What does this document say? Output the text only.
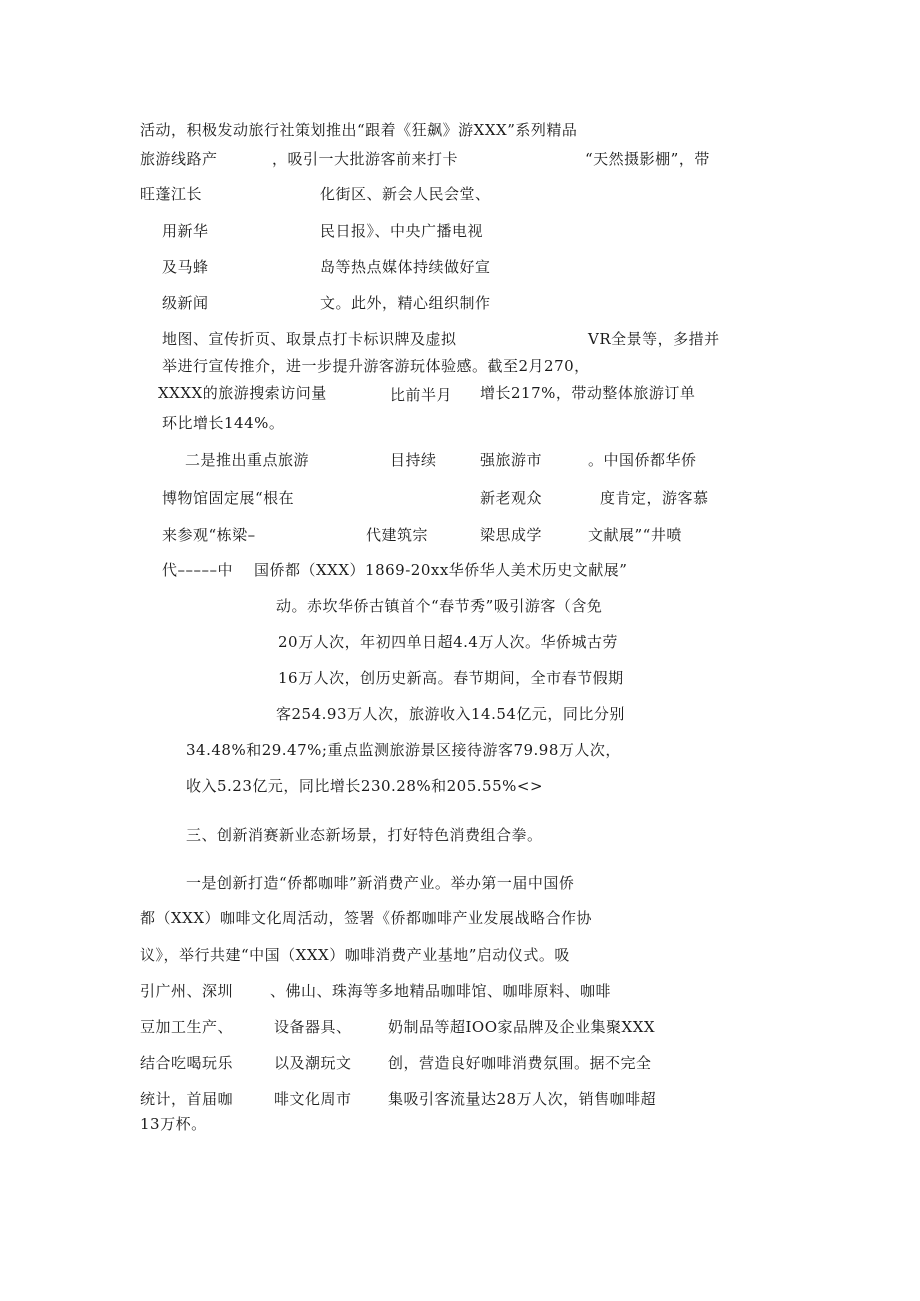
活动，积极发动旅行社策划推出“跟着《狂飙》游XXX”系列精品
旅游线路产	，吸引一大批游客前来打卡	“天然摄影棚”，带
旺蓬江长	化街区、新会人民会堂、
用新华	民日报》、中央广播电视
及马蜂	岛等热点媒体持续做好宣
级新闻	文。此外，精心组织制作
地图、宣传折页、取景点打卡标识牌及虚拟	VR全景等，多措并
举进行宣传推介，进一步提升游客游玩体验感。截至2月270，
XXXX的旅游搜索访问量	比前半月 增长217%，带动整体旅游订单
环比增长144%。
二是推出重点旅游	目持续	强旅游市	。中国侨都华侨
博物馆固定展“根在	新老观众	度肯定，游客慕
来参观“栋梁–	代建筑宗	梁思成学	文献展”“井喷
代–––––中 国侨都（XXX）1869-20xx华侨华人美术历史文献展”
动。赤坎华侨古镇首个“春节秀”吸引游客（含免
20万人次，年初四单日超4.4万人次。华侨城古劳
16万人次，创历史新高。春节期间，全市春节假期
客254.93万人次，旅游收入14.54亿元，同比分别
34.48%和29.47%;重点监测旅游景区接待游客79.98万人次，
收入5.23亿元，同比增长230.28%和205.55%<>
三、创新消赛新业态新场景，打好特色消费组合拳。
一是创新打造“侨都咖啡”新消费产业。举办第一届中国侨
都（XXX）咖啡文化周活动，签署《侨都咖啡产业发展战略合作协
议》，举行共建“中国（XXX）咖啡消费产业基地”启动仪式。吸
引广州、深圳 、佛山、珠海等多地精品咖啡馆、咖啡原料、咖啡
豆加工生产、	设备器具、 奶制品等超IOO家品牌及企业集聚XXX
结合吃喝玩乐	以及潮玩文 创，营造良好咖啡消费氛围。据不完全
统计，首届咖	啡文化周市 集吸引客流量达28万人次，销售咖啡超
13万杯。
